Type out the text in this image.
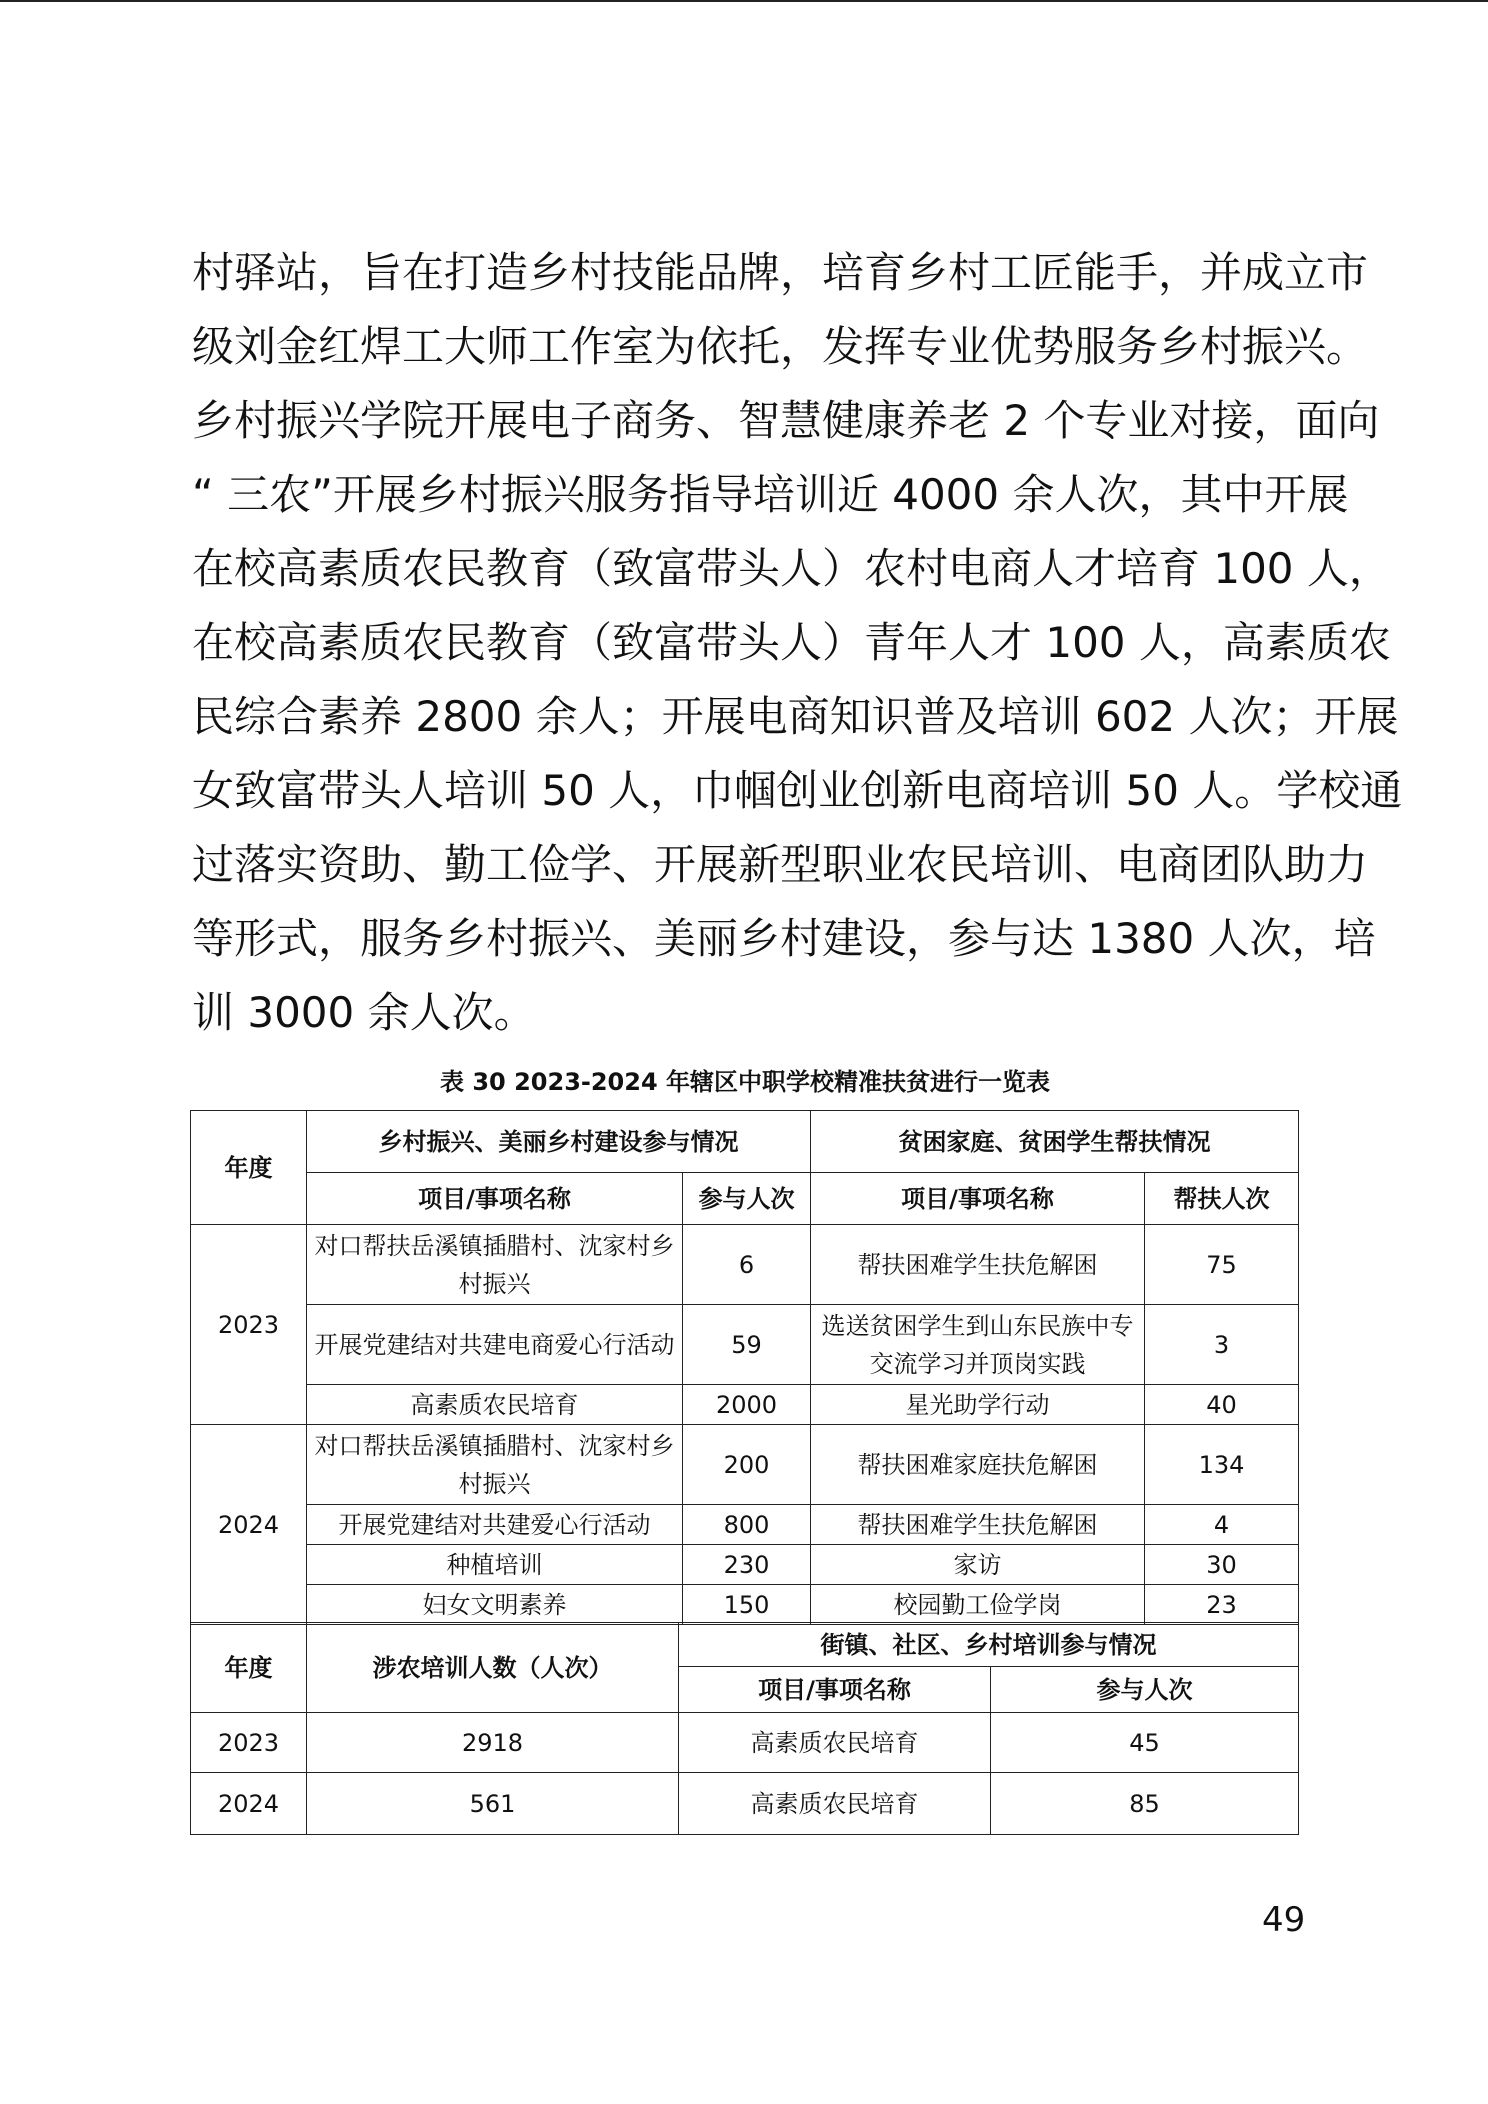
村驿站，旨在打造乡村技能品牌，培育乡村工匠能手，并成立市
级刘金红焊工大师工作室为依托，发挥专业优势服务乡村振兴。
乡村振兴学院开展电子商务、智慧健康养老 2 个专业对接，面向
“ 三农”开展乡村振兴服务指导培训近 4000 余人次，其中开展
在校高素质农民教育（致富带头人）农村电商人才培育 100 人，
在校高素质农民教育（致富带头人）青年人才 100 人，高素质农
民综合素养 2800 余人；开展电商知识普及培训 602 人次；开展
女致富带头人培训 50 人，巾帼创业创新电商培训 50 人。学校通
过落实资助、勤工俭学、开展新型职业农民培训、电商团队助力
等形式，服务乡村振兴、美丽乡村建设，参与达 1380 人次，培
训 3000 余人次。
表 30 2023-2024 年辖区中职学校精准扶贫进行一览表
年度	乡村振兴、美丽乡村建设参与情况		贫困家庭、贫困学生帮扶情况	
	项目/事项名称	参与人次	项目/事项名称	帮扶人次
2023	对口帮扶岳溪镇插腊村、沈家村乡村振兴	6	帮扶困难学生扶危解困	75
	开展党建结对共建电商爱心行活动	59	选送贫困学生到山东民族中专交流学习并顶岗实践	3
	高素质农民培育	2000	星光助学行动	40
2024	对口帮扶岳溪镇插腊村、沈家村乡村振兴	200	帮扶困难家庭扶危解困	134
	开展党建结对共建爱心行活动	800	帮扶困难学生扶危解困	4
	种植培训	230	家访	30
	妇女文明素养	150	校园勤工俭学岗	23
年度	涉农培训人数（人次）	街镇、社区、乡村培训参与情况	
		项目/事项名称	参与人次
2023	2918	高素质农民培育	45
2024	561	高素质农民培育	85
49
